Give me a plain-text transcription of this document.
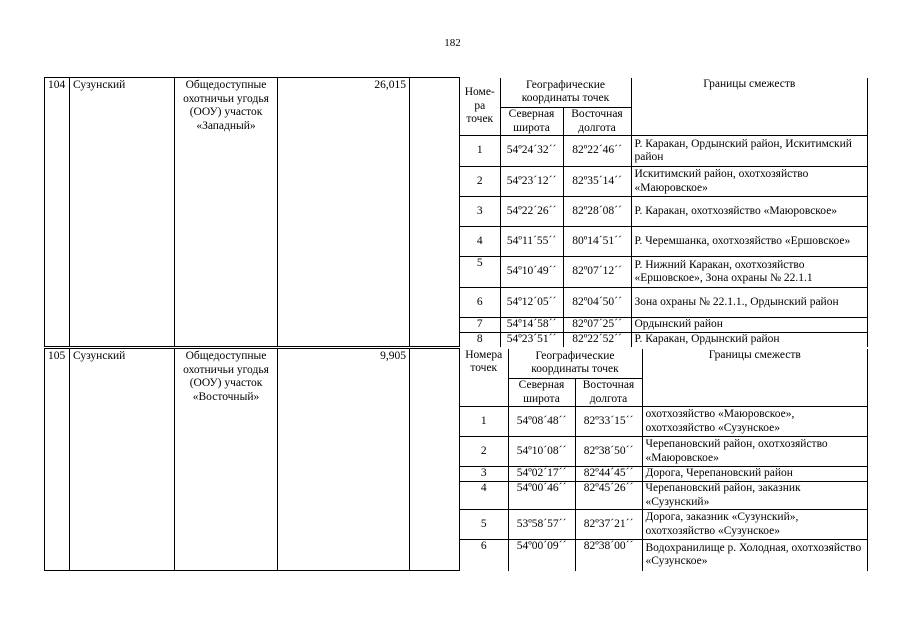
182
104	Сузунский	Общедоступные охотничьи угодья (ООУ) участок «Западный»	26,015		
Номе-ра точек	Географические координаты точек	Границы смежеств
Северная широта	Восточная долгота
1	54º24´32´´	82º22´46´´	Р. Каракан, Ордынский район, Искитимский район
2	54º23´12´´	82º35´14´´	Искитимский район, охотхозяйство «Маюровское»
3	54º22´26´´	82º28´08´´	Р. Каракан, охотхозяйство «Маюровское»
4	54º11´55´´	80º14´51´´	Р. Черемшанка, охотхозяйство «Ершовское»
5	54º10´49´´	82º07´12´´	Р. Нижний Каракан, охотхозяйство «Ершовское», Зона охраны № 22.1.1
6	54º12´05´´	82º04´50´´	Зона охраны № 22.1.1., Ордынский район
7	54º14´58´´	82º07´25´´	Ордынский район
8	54º23´51´´	82º22´52´´	Р. Каракан, Ордынский район
105	Сузунский	Общедоступные охотничьи угодья (ООУ) участок «Восточный»	9,905			Номера точек	Географические координаты точек	Границы смежеств
Северная широта	Восточная долгота
1	54º08´48´´	82º33´15´´	охотхозяйство «Маюровское», охотхозяйство «Сузунское»
2	54º10´08´´	82º38´50´´	Черепановский район, охотхозяйство «Маюровское»
3	54º02´17´´	82º44´45´´	Дорога, Черепановский район
4	54º00´46´´	82º45´26´´	Черепановский район, заказник «Сузунский»
5	53º58´57´´	82º37´21´´	Дорога, заказник «Сузунский», охотхозяйство «Сузунское»
6	54º00´09´´	82º38´00´´	Водохранилище р. Холодная, охотхозяйство «Сузунское»
